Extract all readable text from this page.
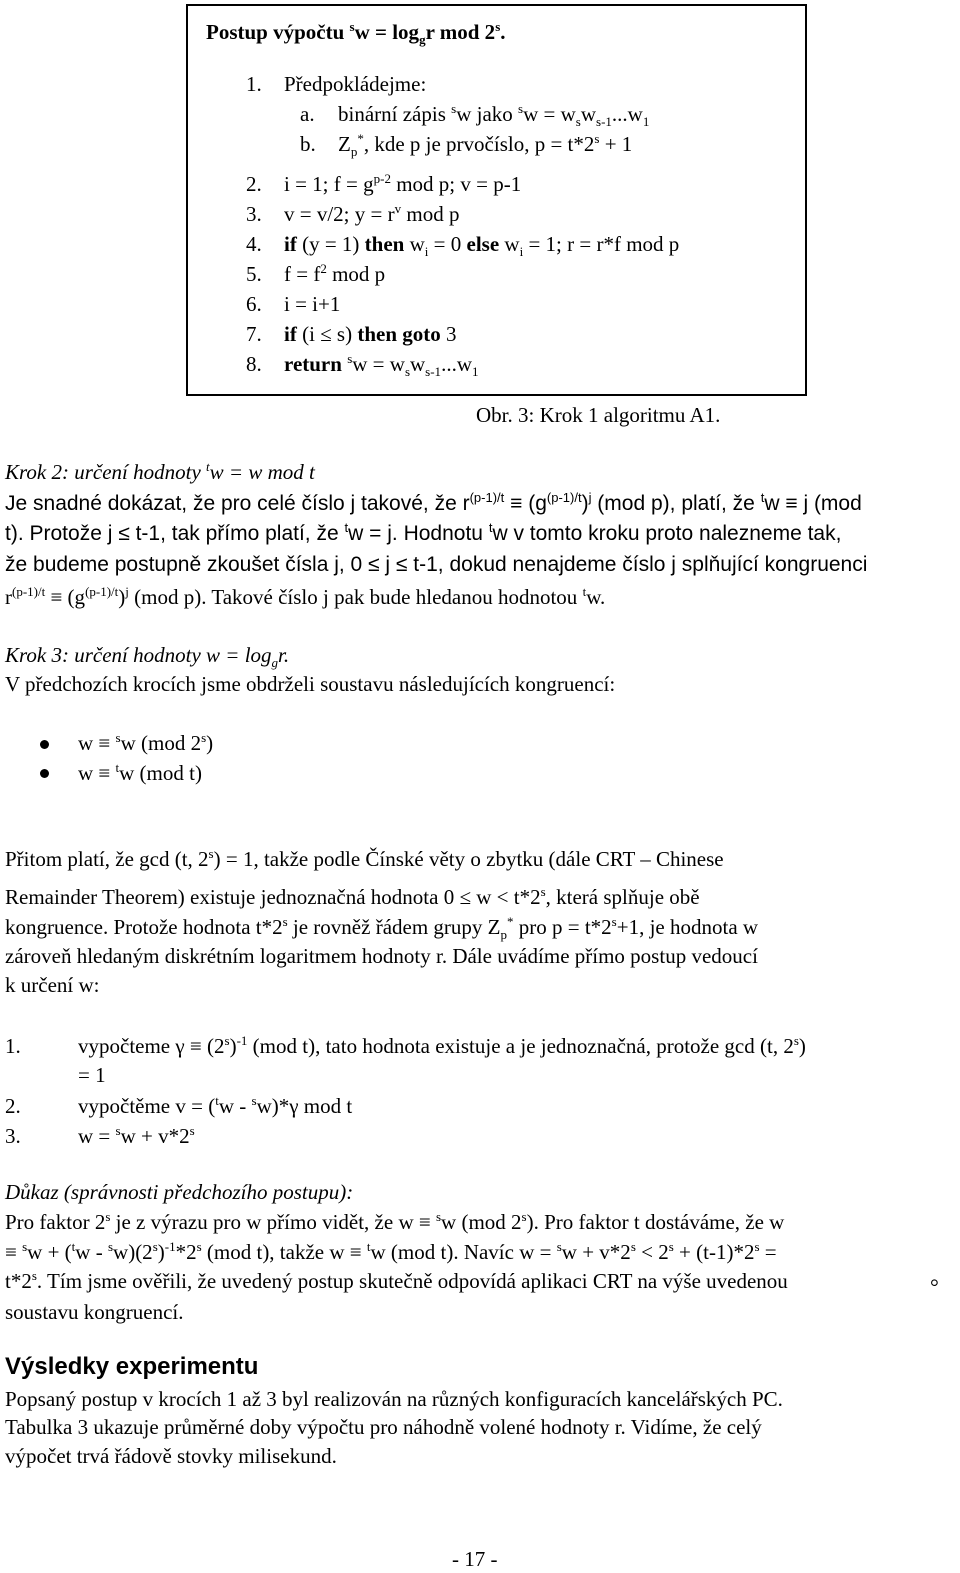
Postup výpočtu $^sw = \log_gr$ mod 2$^s$.
1. Předpokládejme:
a. binární zápis $^s$w jako $^sw = w_sw_{s-1}...w_1$
b. $Z_p^*$, kde p je prvočíslo, $p = t*2^s + 1$
2. i = 1; $f = g^{p-2}$ mod p; v = p-1
3. v = v/2; $y = r^v$ mod p
4. if (y = 1) then $w_i = 0$ else $w_i = 1$; r = r*f mod p
5. $f = f^2$ mod p
6. i = i+1
7. if (i ≤ s) then goto 3
8. return $^sw = w_sw_{s-1}...w_1$
Obr. 3: Krok 1 algoritmu A1.
Krok 2: určení hodnoty $^t$w = w mod t
Je snadné dokázat, že pro celé číslo j takové, že $r^{(p-1)/t} \equiv (g^{(p-1)/t})^j$ (mod p), platí, že $^t$w ≡ j (mod
t). Protože j ≤ t-1, tak přímo platí, že $^t$w = j. Hodnotu $^t$w v tomto kroku proto nalezneme tak,
že budeme postupně zkoušet čísla j, 0 ≤ j ≤ t-1, dokud nenajdeme číslo j splňující kongruenci
$r^{(p-1)/t} \equiv (g^{(p-1)/t})^j$ (mod p). Takové číslo j pak bude hledanou hodnotou $^t$w.
Krok 3: určení hodnoty $w = \log_gr$.
V předchozích krocích jsme obdrželi soustavu následujících kongruencí:
w ≡ $^s$w (mod 2$^s$)
w ≡ $^t$w (mod t)
Přitom platí, že gcd (t, $2^s) = 1$, takže podle Čínské věty o zbytku (dále CRT – Chinese
Remainder Theorem) existuje jednoznačná hodnota $0 \le w < t*2^s$, která splňuje obě
kongruence. Protože hodnota t*2$^s$ je rovněž řádem grupy $Z_p^*$ pro $p = t*2^s+1$, je hodnota w
zároveň hledaným diskrétním logaritmem hodnoty r. Dále uvádíme přímo postup vedoucí
k určení w:
1.	vypočteme $\gamma \equiv (2^s)^{-1}$ (mod t), tato hodnota existuje a je jednoznačná, protože gcd (t, $2^s$)
= 1
2.	vypočtěme v = ($^t$w - $^s$w)*γ mod t
3.	$w = ^sw + v*2^s$
Důkaz (správnosti předchozího postupu):
Pro faktor 2$^s$ je z výrazu pro w přímo vidět, že w ≡ $^s$w (mod 2$^s$). Pro faktor t dostáváme, že w
≡ $^sw + (^tw - ^sw)(2^s)^{-1}*2^s$ (mod t), takže w ≡ $^t$w (mod t). Navíc $w = ^sw + v*2^s < 2^s + (t-1)*2^s$ =
$t*2^s$. Tím jsme ověřili, že uvedený postup skutečně odpovídá aplikaci CRT na výše uvedenou
soustavu kongruencí.
°
Výsledky experimentu
Popsaný postup v krocích 1 až 3 byl realizován na různých konfiguracích kancelářských PC.
Tabulka 3 ukazuje průměrné doby výpočtu pro náhodně volené hodnoty r. Vidíme, že celý
výpočet trvá řádově stovky milisekund.
- 17 -
